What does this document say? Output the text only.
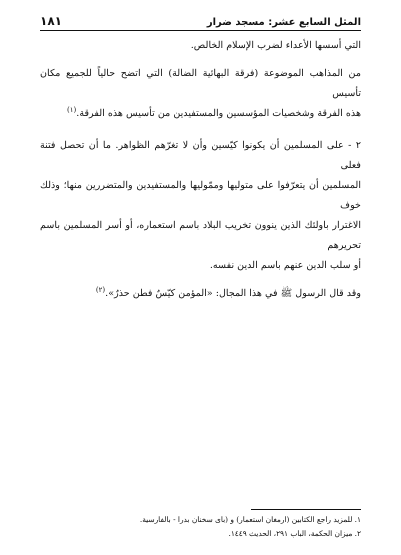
المثل السابع عشر: مسجد ضرار
١٨١

التي أسسها الأعداء لضرب الإسلام الخالص.

من المذاهب الموضوعة (فرقة البهائية الضالة) التي اتضح حالياً للجميع مكان تأسيس
هذه الفرقة وشخصيات المؤسسين والمستفيدين من تأسيس هذه الفرقة.$^{(١)}$

٢ - على المسلمين أن يكونوا كيّسين وأن لا تغرّهم الظواهر. ما أن تحصل فتنة فعلى
المسلمين أن يتعرّفوا على متوليها وممّوليها والمستفيدين والمتضررين منها؛ وذلك خوف
الاغترار باولئك الذين ينوون تخريب البلاد باسم استعماره، أو أسر المسلمين باسم تحريرهم
أو سلب الدين عنهم باسم الدين نفسه.

وقد قال الرسول ﷺ في هذا المجال: «المؤمن كيّسٌ فطن حذرٌ».$^{(٢)}$

١. للمزيد راجع الكتابين (ارمغان استعمار) و (باى سخنان بدرا - بالفارسية.

٢. ميزان الحكمة، الباب ٢٩١، الحديث ١٤٤٩.
